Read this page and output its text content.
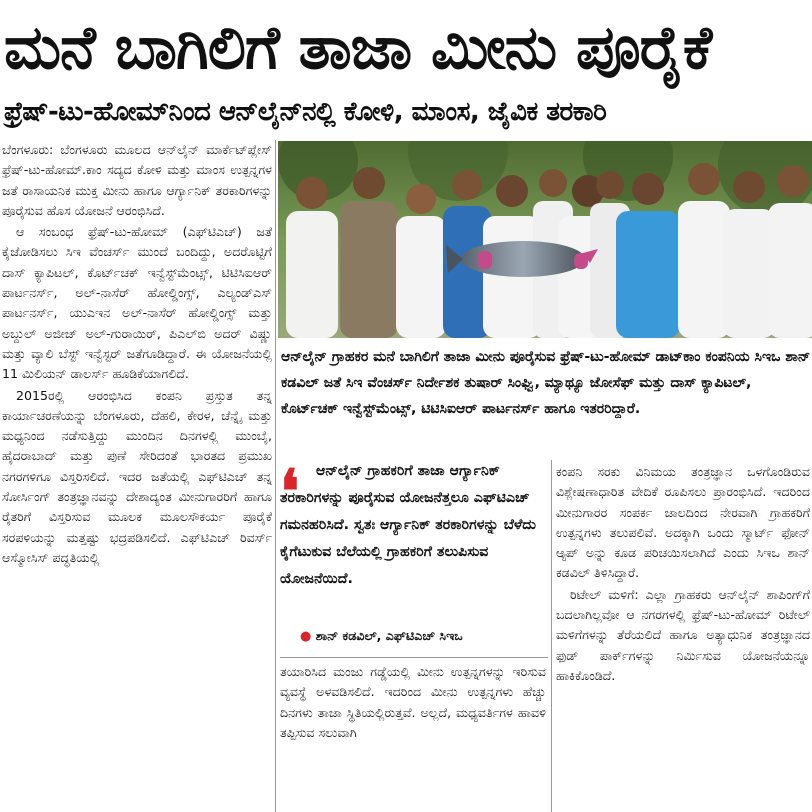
ಮನೆ ಬಾಗಿಲಿಗೆ ತಾಜಾ ಮೀನು ಪೂರೈಕೆ
ಫ್ರೆಷ್-ಟು-ಹೋಮ್‌ನಿಂದ ಆನ್‌ಲೈನ್‌ನಲ್ಲಿ ಕೋಳಿ, ಮಾಂಸ, ಜೈವಿಕ ತರಕಾರಿ

ಬೆಂಗಳೂರು: ಬೆಂಗಳೂರು ಮೂಲದ ಆನ್‌ಲೈನ್ ಮಾರ್ಕೆಟ್‌ಪ್ಲೇಸ್ ಫ್ರೆಷ್-ಟು-ಹೋಮ್.ಕಾಂ ಸದ್ಯದ ಕೋಳಿ ಮತ್ತು ಮಾಂಸ ಉತ್ಪನ್ನಗಳ ಜತೆ ರಾಸಾಯನಿಕ ಮುಕ್ತ ಮೀನು ಹಾಗೂ ಆರ್ಗ್ಯಾನಿಕ್ ತರಕಾರಿಗಳನ್ನು ಪೂರೈಸುವ ಹೊಸ ಯೋಜನೆ ಆರಂಭಿಸಿದೆ.

ಆ ಸಂಬಂಧ ಫ್ರೆಷ್-ಟು-ಹೋಮ್ (ಎಫ್‌ಟಿಎಚ್) ಜತೆ ಕೈಜೋಡಿಸಲು ಸಿಇ ವೆಂಚರ್ಸ್ ಮುಂದೆ ಬಂದಿದ್ದು, ಅದರೊಟ್ಟಿಗೆ ದಾಸ್ ಕ್ಯಾಪಿಟಲ್, ಕೊರ್ಟ್‌ಚಕ್ ಇನ್ವೆಸ್ಟ್‌ಮೆಂಟ್ಸ್, ಟಿಟಿಸಿಐಆರ್ ಪಾರ್ಟನರ್ಸ್, ಅಲ್-ನಾಸೆರ್ ಹೋಲ್ಡಿಂಗ್ಸ್, ಎಲ್ಯಂಡ್‌ಎಸ್ ಪಾರ್ಟನರ್ಸ್, ಯುಎಇನ ಅಲ್-ನಾಸೆರ್ ಹೋಲ್ಡಿಂಗ್ಸ್ ಮತ್ತು ಅಬ್ದುಲ್ ಅಜೀಜ್ ಅಲ್-ಗುರಾಯಿರ್, ಪಿಎಲ್‌ಬಿ ಅದರ್ ವಿಷ್ಣು ಮತ್ತು ವ್ಯಾಲಿ ಬೆಸ್ಟ್ ಇನ್ವೆಸ್ಟರ್ ಜತೆಗೂಡಿದ್ದಾರೆ. ಈ ಯೋಜನೆಯಲ್ಲಿ 11 ಮಿಲಿಯನ್ ಡಾಲರ್ಸ್ ಹೂಡಿಕೆಯಾಗಲಿದೆ.

2015ರಲ್ಲಿ ಆರಂಭಿಸಿದ ಕಂಪನಿ ಪ್ರಸ್ತುತ ತನ್ನ ಕಾರ್ಯಾಚರಣೆಯನ್ನು ಬೆಂಗಳೂರು, ದೆಹಲಿ, ಕೇರಳ, ಚೆನ್ನೈ ಮತ್ತು ಮಧ್ಯನಿಂದ ನಡೆಸುತ್ತಿದ್ದು ಮುಂದಿನ ದಿನಗಳಲ್ಲಿ ಮುಂಬೈ, ಹೈದರಾಬಾದ್ ಮತ್ತು ಪುಣೆ ಸೇರಿದಂತೆ ಭಾರತದ ಪ್ರಮುಖ ನಗರಗಳಿಗೂ ವಿಸ್ತರಿಸಲಿದೆ. ಇದರ ಜತೆಯಲ್ಲಿ ಎಫ್‌ಟಿಎಚ್ ತನ್ನ ಸೋರ್ಸಿಂಗ್ ತಂತ್ರಜ್ಞಾನವನ್ನು ದೇಶಾದ್ಯಂತ ಮೀನುಗಾರರಿಗೆ ಹಾಗೂ ರೈತರಿಗೆ ವಿಸ್ತರಿಸುವ ಮೂಲಕ ಮೂಲಸೌಕರ್ಯ ಪೂರೈಕೆ ಸರಪಳಿಯನ್ನು ಮತ್ತಷ್ಟು ಭದ್ರಪಡಿಸಲಿದೆ. ಎಫ್‌ಟಿಎಚ್ ರಿವರ್ಸ್ ಆಸ್ಮೋಸಿಸ್ ಪದ್ಧತಿಯಲ್ಲಿ

ಆನ್‌ಲೈನ್ ಗ್ರಾಹಕರ ಮನೆ ಬಾಗಿಲಿಗೆ ತಾಜಾ ಮೀನು ಪೂರೈಸುವ ಫ್ರೆಷ್-ಟು-ಹೋಮ್ ಡಾಟ್‌ಕಾಂ ಕಂಪನಿಯ ಸಿಇಒ ಶಾನ್ ಕಡವಿಲ್ ಜತೆ ಸಿಇ ವೆಂಚರ್ಸ್ ನಿರ್ದೇಶಕ ತುಷಾರ್ ಸಿಂಘ್ವಿ, ಮ್ಯಾಥ್ಯೂ ಜೋಸೆಫ್ ಮತ್ತು ದಾಸ್ ಕ್ಯಾಪಿಟಲ್, ಕೊರ್ಟ್‌ಚಕ್ ಇನ್ವೆಸ್ಟ್‌ಮೆಂಟ್ಸ್, ಟಿಟಿಸಿಐಆರ್ ಪಾರ್ಟನರ್ಸ್ ಹಾಗೂ ಇತರರಿದ್ದಾರೆ.
❛	ಆನ್‌ಲೈನ್ ಗ್ರಾಹಕರಿಗೆ ತಾಜಾ ಆರ್ಗ್ಯಾನಿಕ್ ತರಕಾರಿಗಳನ್ನು ಪೂರೈಸುವ ಯೋಜನೆತ್ತಲೂ ಎಫ್‌ಟಿಎಚ್ ಗಮನಹರಿಸಿದೆ. ಸ್ವತಃ ಆರ್ಗ್ಯಾನಿಕ್ ತರಕಾರಿಗಳನ್ನು ಬೆಳೆದು ಕೈಗೆಟುಕುವ ಬೆಲೆಯಲ್ಲಿ ಗ್ರಾಹಕರಿಗೆ ತಲುಪಿಸುವ ಯೋಜನೆಯಿದೆ.
● ಶಾನ್ ಕಡವಿಲ್, ಎಫ್‌ಟಿಎಚ್ ಸಿಇಒ

ತಯಾರಿಸಿದ ಮಂಜು ಗಡ್ಡೆಯಲ್ಲಿ ಮೀನು ಉತ್ಪನ್ನಗಳನ್ನು ಇರಿಸುವ ವ್ಯವಸ್ಥೆ ಅಳವಡಿಸಲಿದೆ. ಇದರಿಂದ ಮೀನು ಉತ್ಪನ್ನಗಳು ಹೆಚ್ಚು ದಿನಗಳು ತಾಜಾ ಸ್ಥಿತಿಯಲ್ಲಿರುತ್ತವೆ. ಅಲ್ಲದೆ, ಮಧ್ಯವರ್ತಿಗಳ ಹಾವಳಿ ತಪ್ಪಿಸುವ ಸಲುವಾಗಿ

ಕಂಪನಿ ಸರಕು ವಿನಿಮಯ ತಂತ್ರಜ್ಞಾನ ಒಳಗೊಂಡಿರುವ ವಿಶ್ಲೇಷಣಾಧಾರಿತ ವೇದಿಕೆ ರೂಪಿಸಲು ಪ್ರಾರಂಭಿಸಿದೆ. ಇದರಿಂದ ಮೀನುಗಾರರ ಸಂಪರ್ಕ ಜಾಲದಿಂದ ನೇರವಾಗಿ ಗ್ರಾಹಕರಿಗೆ ಉತ್ಪನ್ನಗಳು ತಲುಪಲಿವೆ. ಅದಕ್ಕಾಗಿ ಒಂದು ಸ್ಮಾರ್ಟ್ ಫೋನ್ ಆ್ಯಪ್ ಅನ್ನು ಕೂಡ ಪರಿಚಯಿಸಲಾಗಿದೆ ಎಂದು ಸಿಇಒ ಶಾನ್ ಕಡವಿಲ್ ತಿಳಿಸಿದ್ದಾರೆ.

ರಿಟೇಲ್ ಮಳಿಗೆ: ಎಲ್ಲಾ ಗ್ರಾಹಕರು ಆನ್‌ಲೈನ್ ಶಾಪಿಂಗ್‌ಗೆ ಬದಲಾಗಿಲ್ಲವೋ ಆ ನಗರಗಳಲ್ಲಿ ಫ್ರೆಷ್-ಟು-ಹೋಮ್ ರಿಟೇಲ್ ಮಳಿಗೆಗಳನ್ನು ತೆರೆಯಲಿದೆ ಹಾಗೂ ಅತ್ಯಾಧುನಿಕ ತಂತ್ರಜ್ಞಾನದ ಫುಡ್ ಪಾರ್ಕ್‌ಗಳನ್ನು ನಿರ್ಮಿಸುವ ಯೋಜನೆಯನ್ನೂ ಹಾಕಿಕೊಂಡಿದೆ.
